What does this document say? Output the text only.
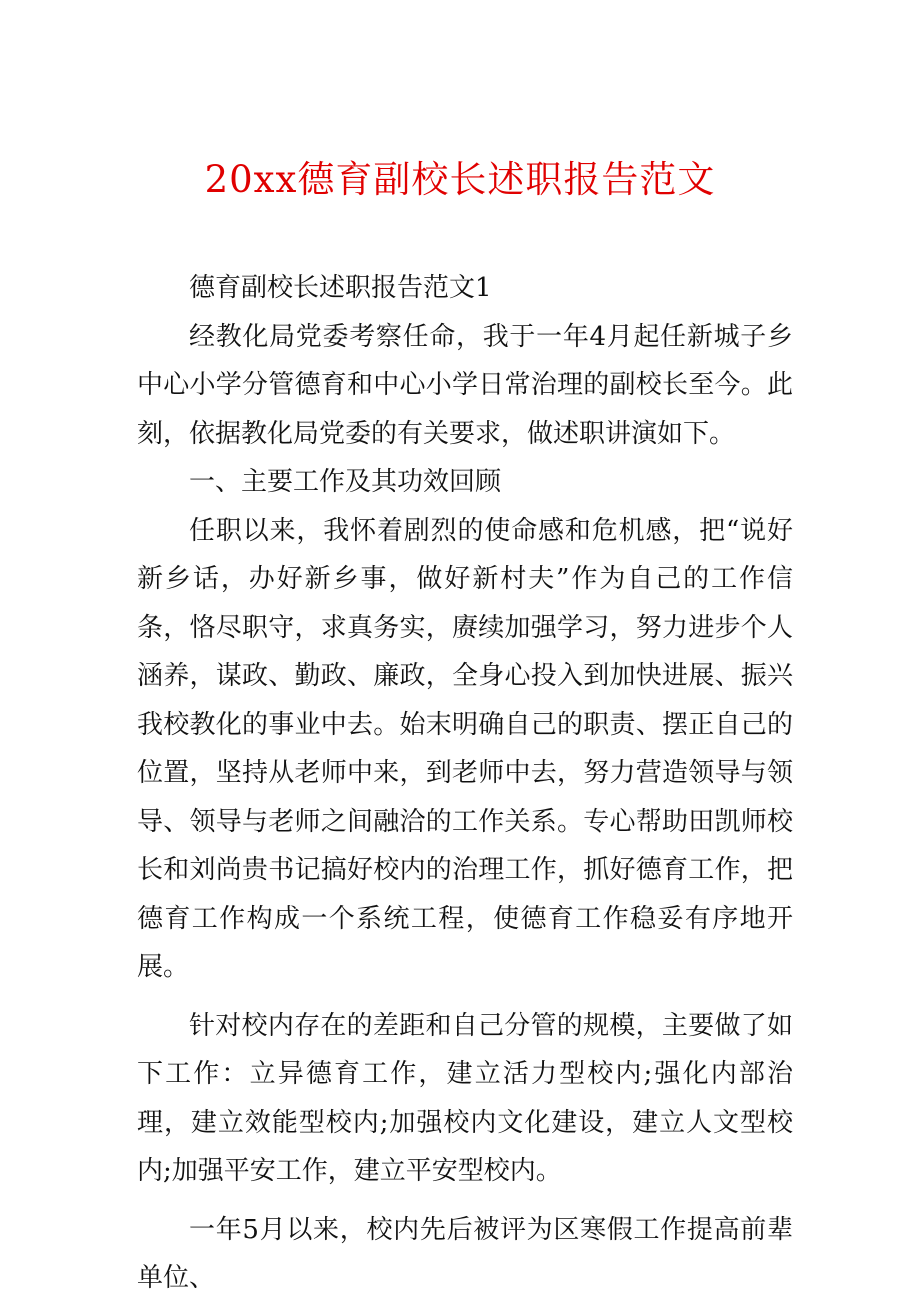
20xx德育副校长述职报告范文

德育副校长述职报告范文1

经教化局党委考察任命，我于一年4月起任新城子乡中心小学分管德育和中心小学日常治理的副校长至今。此刻，依据教化局党委的有关要求，做述职讲演如下。

一、主要工作及其功效回顾

任职以来，我怀着剧烈的使命感和危机感，把“说好新乡话，办好新乡事，做好新村夫”作为自己的工作信条，恪尽职守，求真务实，赓续加强学习，努力进步个人涵养，谋政、勤政、廉政，全身心投入到加快进展、振兴我校教化的事业中去。始末明确自己的职责、摆正自己的位置，坚持从老师中来，到老师中去，努力营造领导与领导、领导与老师之间融洽的工作关系。专心帮助田凯师校长和刘尚贵书记搞好校内的治理工作，抓好德育工作，把德育工作构成一个系统工程，使德育工作稳妥有序地开展。

针对校内存在的差距和自己分管的规模，主要做了如下工作：立异德育工作，建立活力型校内;强化内部治理，建立效能型校内;加强校内文化建设，建立人文型校内;加强平安工作，建立平安型校内。

一年5月以来，校内先后被评为区寒假工作提高前辈单位、
